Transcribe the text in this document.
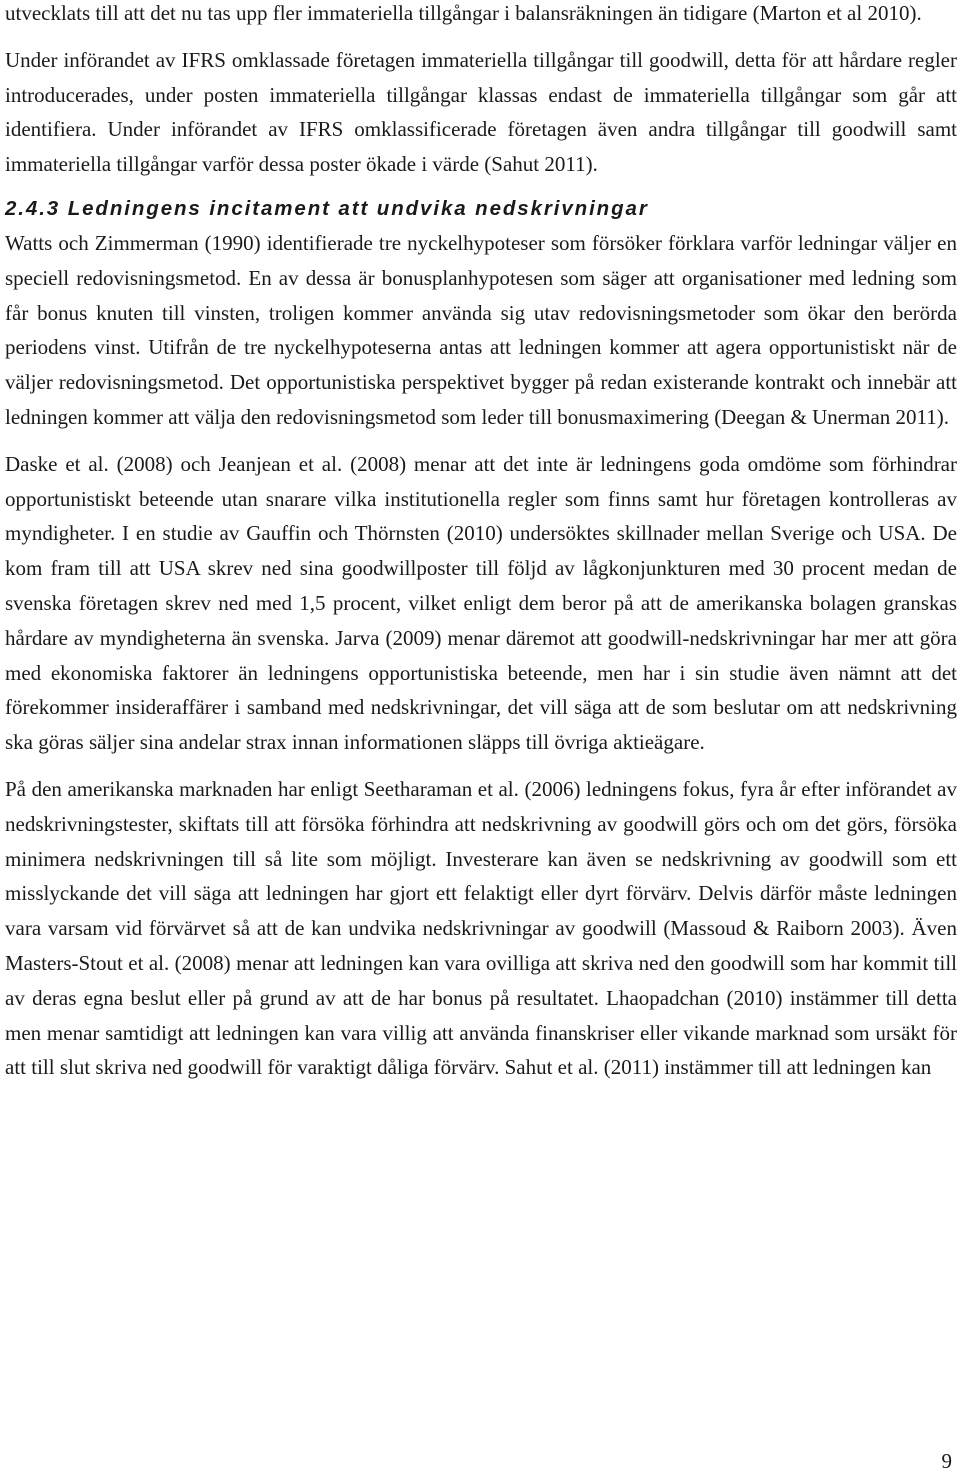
utvecklats till att det nu tas upp fler immateriella tillgångar i balansräkningen än tidigare (Marton et al 2010).

Under införandet av IFRS omklassade företagen immateriella tillgångar till goodwill, detta för att hårdare regler introducerades, under posten immateriella tillgångar klassas endast de immateriella tillgångar som går att identifiera. Under införandet av IFRS omklassificerade företagen även andra tillgångar till goodwill samt immateriella tillgångar varför dessa poster ökade i värde (Sahut 2011).

2.4.3 Ledningens incitament att undvika nedskrivningar

Watts och Zimmerman (1990) identifierade tre nyckelhypoteser som försöker förklara varför ledningar väljer en speciell redovisningsmetod. En av dessa är bonusplanhypotesen som säger att organisationer med ledning som får bonus knuten till vinsten, troligen kommer använda sig utav redovisningsmetoder som ökar den berörda periodens vinst. Utifrån de tre nyckelhypoteserna antas att ledningen kommer att agera opportunistiskt när de väljer redovisningsmetod. Det opportunistiska perspektivet bygger på redan existerande kontrakt och innebär att ledningen kommer att välja den redovisningsmetod som leder till bonusmaximering (Deegan & Unerman 2011).

Daske et al. (2008) och Jeanjean et al. (2008) menar att det inte är ledningens goda omdöme som förhindrar opportunistiskt beteende utan snarare vilka institutionella regler som finns samt hur företagen kontrolleras av myndigheter. I en studie av Gauffin och Thörnsten (2010) undersöktes skillnader mellan Sverige och USA. De kom fram till att USA skrev ned sina goodwillposter till följd av lågkonjunkturen med 30 procent medan de svenska företagen skrev ned med 1,5 procent, vilket enligt dem beror på att de amerikanska bolagen granskas hårdare av myndigheterna än svenska. Jarva (2009) menar däremot att goodwill-nedskrivningar har mer att göra med ekonomiska faktorer än ledningens opportunistiska beteende, men har i sin studie även nämnt att det förekommer insideraffärer i samband med nedskrivningar, det vill säga att de som beslutar om att nedskrivning ska göras säljer sina andelar strax innan informationen släpps till övriga aktieägare.

På den amerikanska marknaden har enligt Seetharaman et al. (2006) ledningens fokus, fyra år efter införandet av nedskrivningstester, skiftats till att försöka förhindra att nedskrivning av goodwill görs och om det görs, försöka minimera nedskrivningen till så lite som möjligt. Investerare kan även se nedskrivning av goodwill som ett misslyckande det vill säga att ledningen har gjort ett felaktigt eller dyrt förvärv. Delvis därför måste ledningen vara varsam vid förvärvet så att de kan undvika nedskrivningar av goodwill (Massoud & Raiborn 2003). Även Masters-Stout et al. (2008) menar att ledningen kan vara ovilliga att skriva ned den goodwill som har kommit till av deras egna beslut eller på grund av att de har bonus på resultatet. Lhaopadchan (2010) instämmer till detta men menar samtidigt att ledningen kan vara villig att använda finanskriser eller vikande marknad som ursäkt för att till slut skriva ned goodwill för varaktigt dåliga förvärv. Sahut et al. (2011) instämmer till att ledningen kan

9
